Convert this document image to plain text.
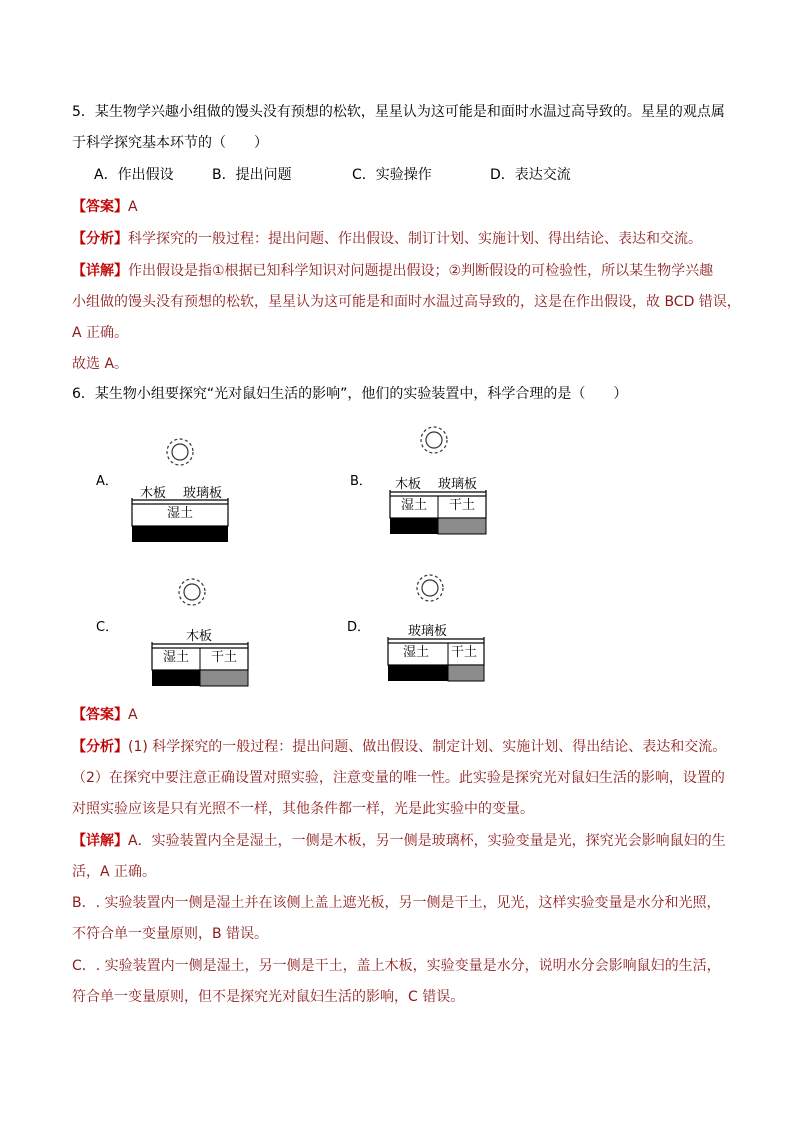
5．某生物学兴趣小组做的馒头没有预想的松软，星星认为这可能是和面时水温过高导致的。星星的观点属
于科学探究基本环节的（　　）
A．作出假设	B．提出问题	C．实验操作	D．表达交流
【答案】A
【分析】科学探究的一般过程：提出问题、作出假设、制订计划、实施计划、得出结论、表达和交流。
【详解】作出假设是指①根据已知科学知识对问题提出假设；②判断假设的可检验性，所以某生物学兴趣
小组做的馒头没有预想的松软，星星认为这可能是和面时水温过高导致的，这是在作出假设，故 BCD 错误，
A 正确。
故选 A。
6．某生物小组要探究“光对鼠妇生活的影响”，他们的实验装置中，科学合理的是（　　）
A．
木板 玻璃板
湿土
B． 木板 玻璃板
湿土	干土
C．
木板
湿土	干土
D．	玻璃板
湿土	干土
【答案】A
【分析】(1) 科学探究的一般过程：提出问题、做出假设、制定计划、实施计划、得出结论、表达和交流。
（2）在探究中要注意正确设置对照实验，注意变量的唯一性。此实验是探究光对鼠妇生活的影响，设置的
对照实验应该是只有光照不一样，其他条件都一样，光是此实验中的变量。
【详解】A．实验装置内全是湿土，一侧是木板，另一侧是玻璃杯，实验变量是光，探究光会影响鼠妇的生
活，A 正确。
B．. 实验装置内一侧是湿土并在该侧上盖上遮光板，另一侧是干土，见光，这样实验变量是水分和光照，
不符合单一变量原则，B 错误。
C．. 实验装置内一侧是湿土，另一侧是干土，盖上木板，实验变量是水分，说明水分会影响鼠妇的生活，
符合单一变量原则，但不是探究光对鼠妇生活的影响，C 错误。
